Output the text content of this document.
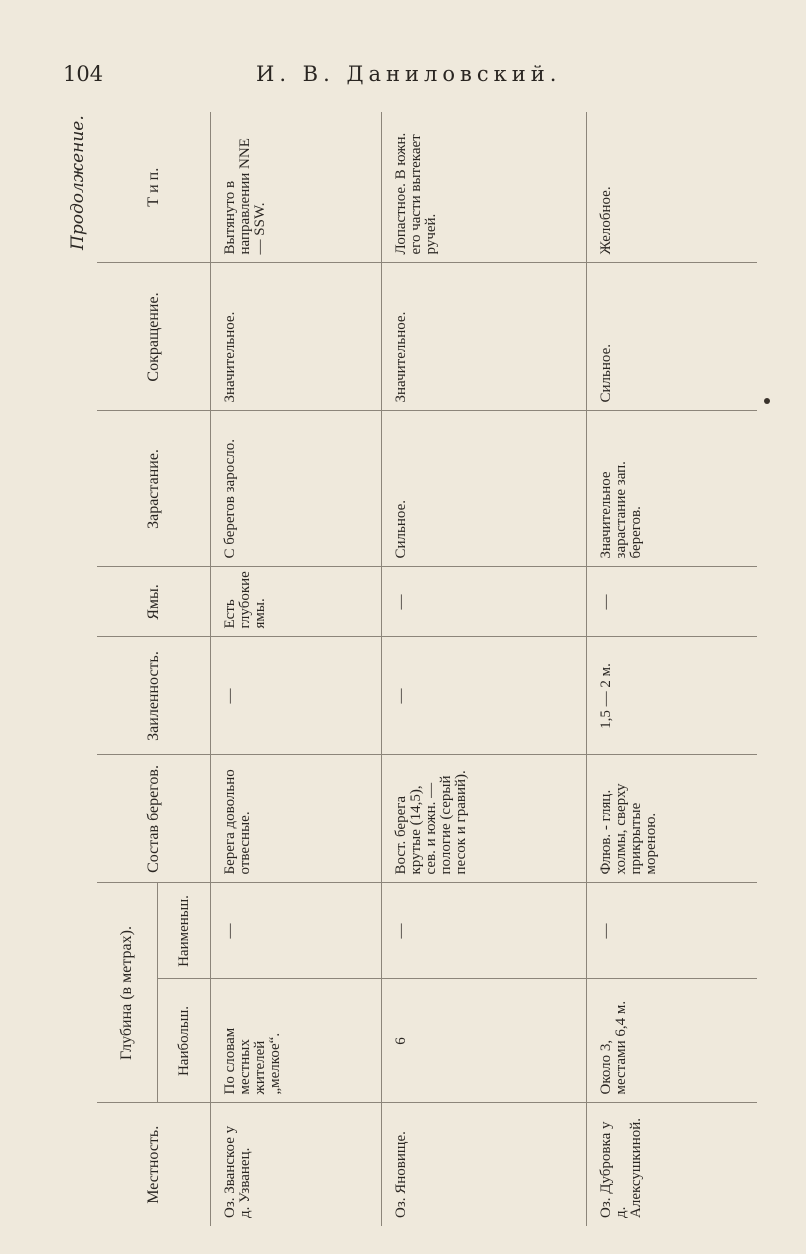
104	И. В. Даниловский.
Продолжение.
Местность.	Глубина (в метрах).		Состав берегов.	Заиленность.	Ямы.	Зарастание.	Сокращение.	Т и п.
	Наибольш.	Наименьш.						
Оз. Званское у д. Узванец.	По словам местных жителей „мелкое“.	—	Берега довольно отвесные.	—	Есть глубокие ямы.	С берегов заросло.	Значительное.	Вытянуто в направлении NNE — SSW.
Оз. Яновище.	6	—	Вост. берега крутые (14,5), сев. и южн. — пологие (серый песок и гравий).	—	—	Сильное.	Значительное.	Лопастное. В южн. его части вытекает ручей.
Оз. Дубровка у д. Алексушкиной.	Около 3, местами 6,4 м.	—	Флюв. - гляц. холмы, сверху прикрытые мореною.	1,5 — 2 м.	—	Значительное зарастание зап. берегов.	Сильное.	Желобное.
